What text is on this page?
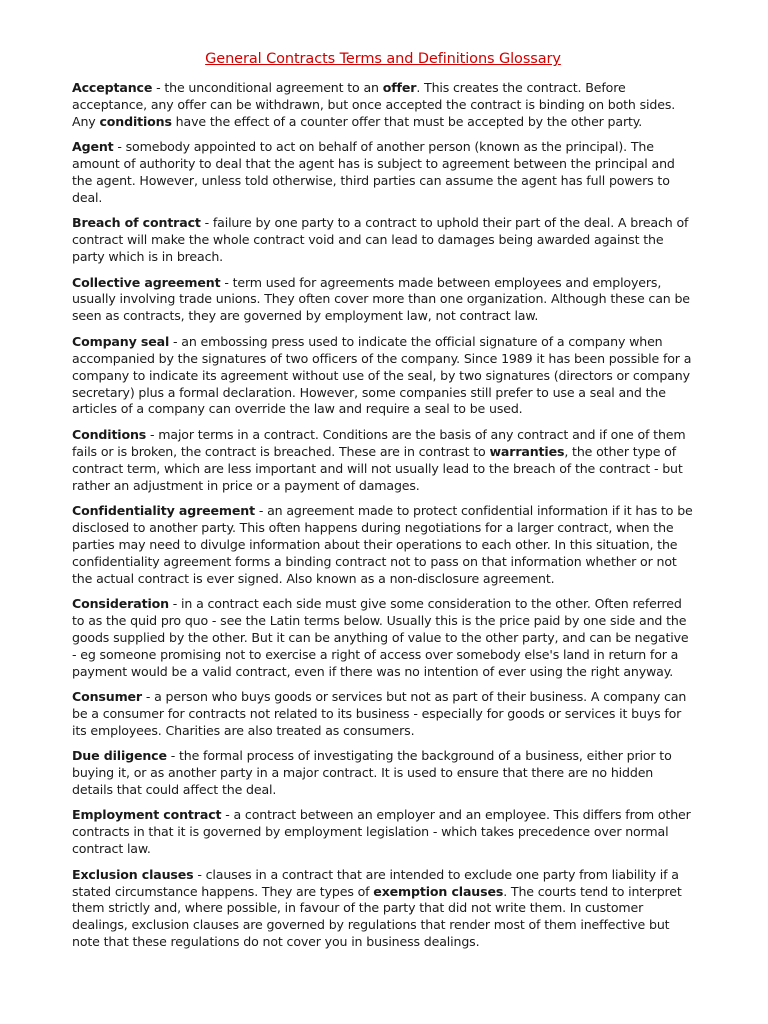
General Contracts Terms and Definitions Glossary

Acceptance - the unconditional agreement to an offer. This creates the contract. Before acceptance, any offer can be withdrawn, but once accepted the contract is binding on both sides. Any conditions have the effect of a counter offer that must be accepted by the other party.

Agent - somebody appointed to act on behalf of another person (known as the principal). The amount of authority to deal that the agent has is subject to agreement between the principal and the agent. However, unless told otherwise, third parties can assume the agent has full powers to deal.

Breach of contract - failure by one party to a contract to uphold their part of the deal. A breach of contract will make the whole contract void and can lead to damages being awarded against the party which is in breach.

Collective agreement - term used for agreements made between employees and employers, usually involving trade unions. They often cover more than one organization. Although these can be seen as contracts, they are governed by employment law, not contract law.

Company seal - an embossing press used to indicate the official signature of a company when accompanied by the signatures of two officers of the company. Since 1989 it has been possible for a company to indicate its agreement without use of the seal, by two signatures (directors or company secretary) plus a formal declaration. However, some companies still prefer to use a seal and the articles of a company can override the law and require a seal to be used.

Conditions - major terms in a contract. Conditions are the basis of any contract and if one of them fails or is broken, the contract is breached. These are in contrast to warranties, the other type of contract term, which are less important and will not usually lead to the breach of the contract - but rather an adjustment in price or a payment of damages.

Confidentiality agreement - an agreement made to protect confidential information if it has to be disclosed to another party. This often happens during negotiations for a larger contract, when the parties may need to divulge information about their operations to each other. In this situation, the confidentiality agreement forms a binding contract not to pass on that information whether or not the actual contract is ever signed. Also known as a non-disclosure agreement.

Consideration - in a contract each side must give some consideration to the other. Often referred to as the quid pro quo - see the Latin terms below. Usually this is the price paid by one side and the goods supplied by the other. But it can be anything of value to the other party, and can be negative - eg someone promising not to exercise a right of access over somebody else's land in return for a payment would be a valid contract, even if there was no intention of ever using the right anyway.

Consumer - a person who buys goods or services but not as part of their business. A company can be a consumer for contracts not related to its business - especially for goods or services it buys for its employees. Charities are also treated as consumers.

Due diligence - the formal process of investigating the background of a business, either prior to buying it, or as another party in a major contract. It is used to ensure that there are no hidden details that could affect the deal.

Employment contract - a contract between an employer and an employee. This differs from other contracts in that it is governed by employment legislation - which takes precedence over normal contract law.

Exclusion clauses - clauses in a contract that are intended to exclude one party from liability if a stated circumstance happens. They are types of exemption clauses. The courts tend to interpret them strictly and, where possible, in favour of the party that did not write them. In customer dealings, exclusion clauses are governed by regulations that render most of them ineffective but note that these regulations do not cover you in business dealings.
